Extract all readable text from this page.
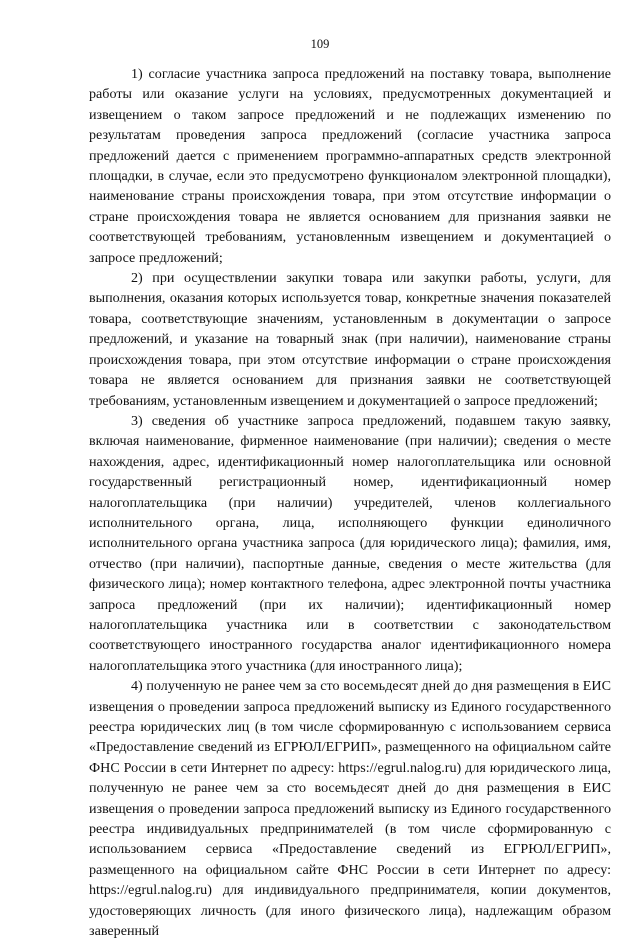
109

1) согласие участника запроса предложений на поставку товара, выполнение работы или оказание услуги на условиях, предусмотренных документацией и извещением о таком запросе предложений и не подлежащих изменению по результатам проведения запроса предложений (согласие участника запроса предложений дается с применением программно-аппаратных средств электронной площадки, в случае, если это предусмотрено функционалом электронной площадки), наименование страны происхождения товара, при этом отсутствие информации о стране происхождения товара не является основанием для признания заявки не соответствующей требованиям, установленным извещением и документацией о запросе предложений;

2) при осуществлении закупки товара или закупки работы, услуги, для выполнения, оказания которых используется товар, конкретные значения показателей товара, соответствующие значениям, установленным в документации о запросе предложений, и указание на товарный знак (при наличии), наименование страны происхождения товара, при этом отсутствие информации о стране происхождения товара не является основанием для признания заявки не соответствующей требованиям, установленным извещением и документацией о запросе предложений;

3) сведения об участнике запроса предложений, подавшем такую заявку, включая наименование, фирменное наименование (при наличии); сведения о месте нахождения, адрес, идентификационный номер налогоплательщика или основной государственный регистрационный номер, идентификационный номер налогоплательщика (при наличии) учредителей, членов коллегиального исполнительного органа, лица, исполняющего функции единоличного исполнительного органа участника запроса (для юридического лица); фамилия, имя, отчество (при наличии), паспортные данные, сведения о месте жительства (для физического лица); номер контактного телефона, адрес электронной почты участника запроса предложений (при их наличии); идентификационный номер налогоплательщика участника или в соответствии с законодательством соответствующего иностранного государства аналог идентификационного номера налогоплательщика этого участника (для иностранного лица);

4) полученную не ранее чем за сто восемьдесят дней до дня размещения в ЕИС извещения о проведении запроса предложений выписку из Единого государственного реестра юридических лиц (в том числе сформированную с использованием сервиса «Предоставление сведений из ЕГРЮЛ/ЕГРИП», размещенного на официальном сайте ФНС России в сети Интернет по адресу: https://egrul.nalog.ru) для юридического лица, полученную не ранее чем за сто восемьдесят дней до дня размещения в ЕИС извещения о проведении запроса предложений выписку из Единого государственного реестра индивидуальных предпринимателей (в том числе сформированную с использованием сервиса «Предоставление сведений из ЕГРЮЛ/ЕГРИП», размещенного на официальном сайте ФНС России в сети Интернет по адресу: https://egrul.nalog.ru) для индивидуального предпринимателя, копии документов, удостоверяющих личность (для иного физического лица), надлежащим образом заверенный
